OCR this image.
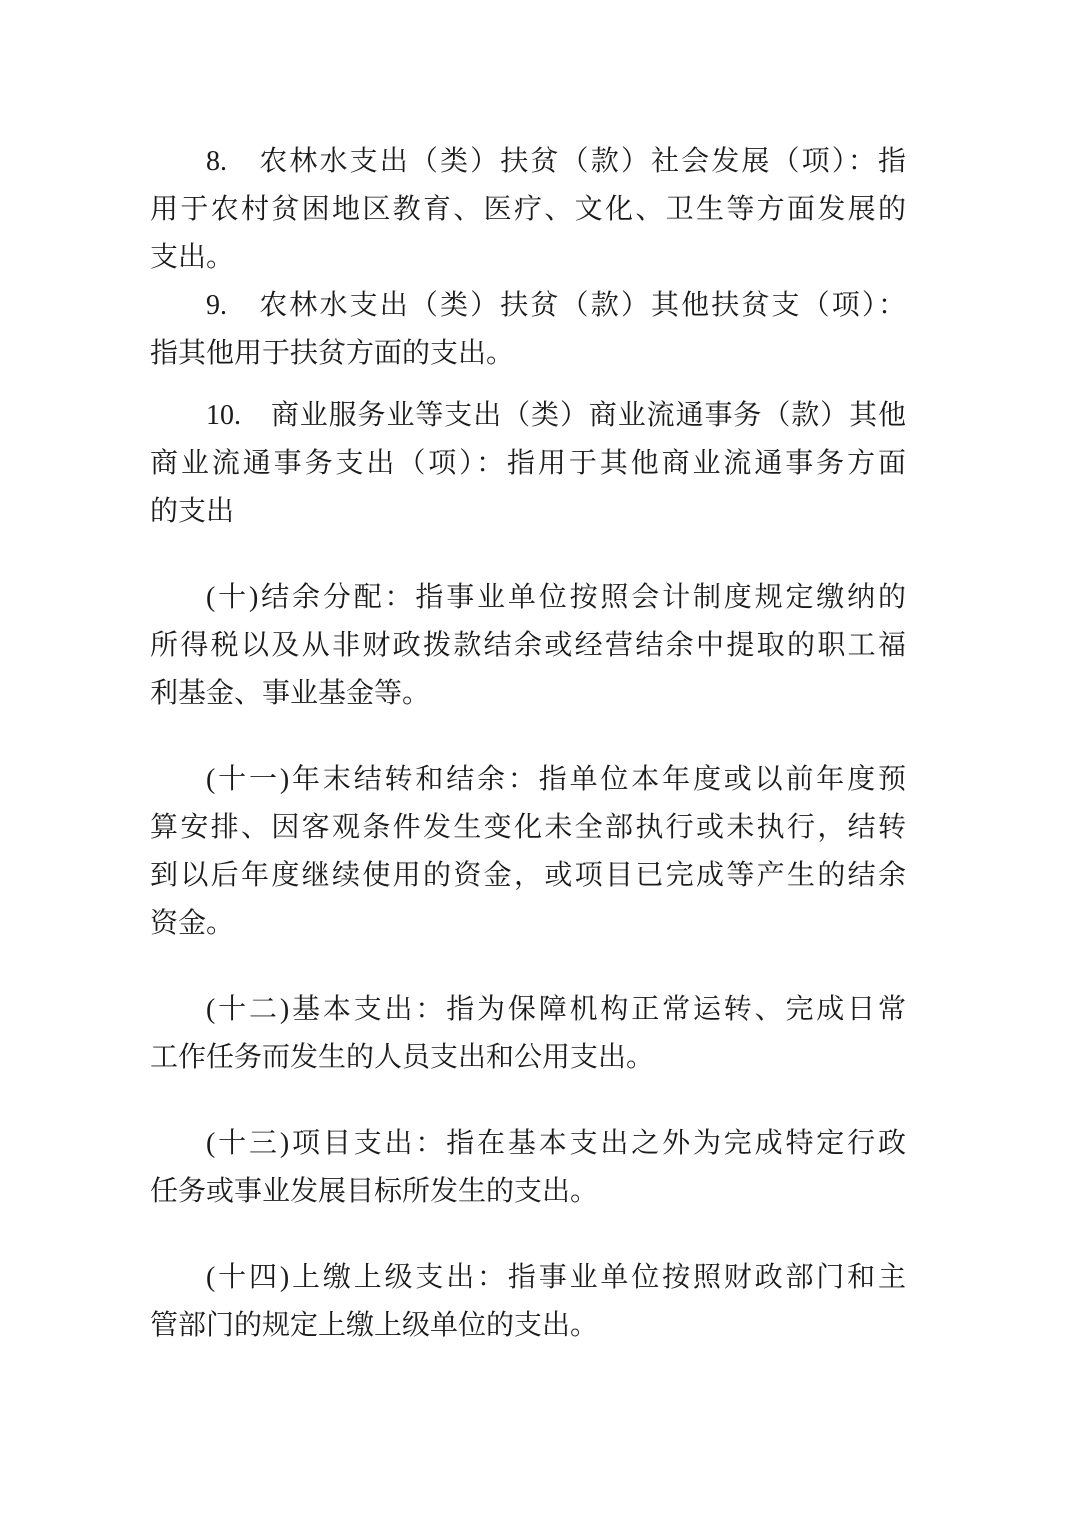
8.　农林水支出（类）扶贫（款）社会发展（项）：指
用于农村贫困地区教育、医疗、文化、卫生等方面发展的
支出。

9.　农林水支出（类）扶贫（款）其他扶贫支（项）：
指其他用于扶贫方面的支出。

10.　商业服务业等支出（类）商业流通事务（款）其他
商业流通事务支出（项）：指用于其他商业流通事务方面
的支出

(十)结余分配：指事业单位按照会计制度规定缴纳的
所得税以及从非财政拨款结余或经营结余中提取的职工福
利基金、事业基金等。

(十一)年末结转和结余：指单位本年度或以前年度预
算安排、因客观条件发生变化未全部执行或未执行，结转
到以后年度继续使用的资金，或项目已完成等产生的结余
资金。

(十二)基本支出：指为保障机构正常运转、完成日常
工作任务而发生的人员支出和公用支出。

(十三)项目支出：指在基本支出之外为完成特定行政
任务或事业发展目标所发生的支出。

(十四)上缴上级支出：指事业单位按照财政部门和主
管部门的规定上缴上级单位的支出。
